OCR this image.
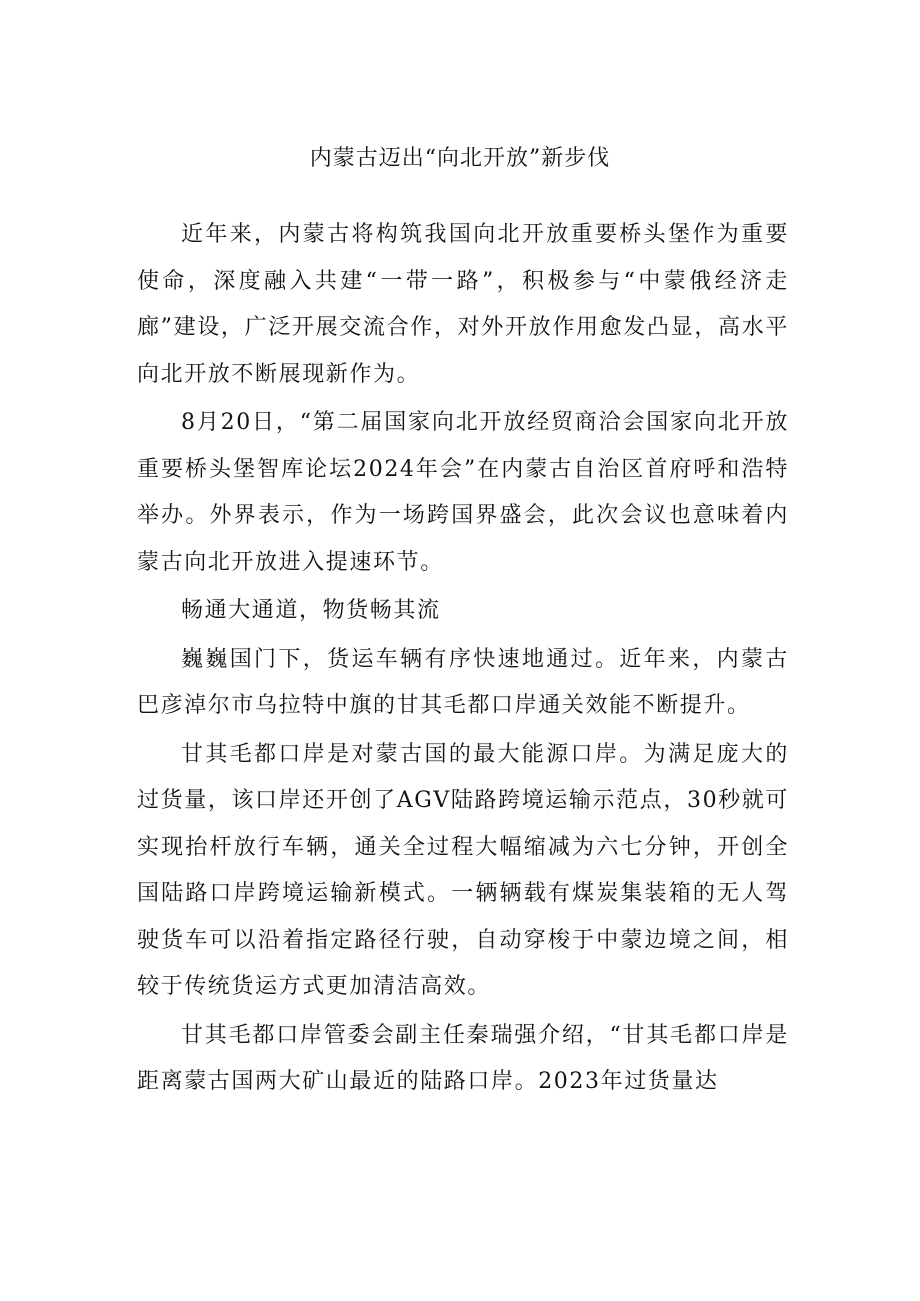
内蒙古迈出“向北开放”新步伐

近年来，内蒙古将构筑我国向北开放重要桥头堡作为重要使命，深度融入共建“一带一路”，积极参与“中蒙俄经济走廊”建设，广泛开展交流合作，对外开放作用愈发凸显，高水平向北开放不断展现新作为。

8月20日，“第二届国家向北开放经贸商洽会国家向北开放重要桥头堡智库论坛2024年会”在内蒙古自治区首府呼和浩特举办。外界表示，作为一场跨国界盛会，此次会议也意味着内蒙古向北开放进入提速环节。

畅通大通道，物货畅其流

巍巍国门下，货运车辆有序快速地通过。近年来，内蒙古巴彦淖尔市乌拉特中旗的甘其毛都口岸通关效能不断提升。

甘其毛都口岸是对蒙古国的最大能源口岸。为满足庞大的过货量，该口岸还开创了AGV陆路跨境运输示范点，30秒就可实现抬杆放行车辆，通关全过程大幅缩减为六七分钟，开创全国陆路口岸跨境运输新模式。一辆辆载有煤炭集装箱的无人驾驶货车可以沿着指定路径行驶，自动穿梭于中蒙边境之间，相较于传统货运方式更加清洁高效。

甘其毛都口岸管委会副主任秦瑞强介绍，“甘其毛都口岸是距离蒙古国两大矿山最近的陆路口岸。2023年过货量达
